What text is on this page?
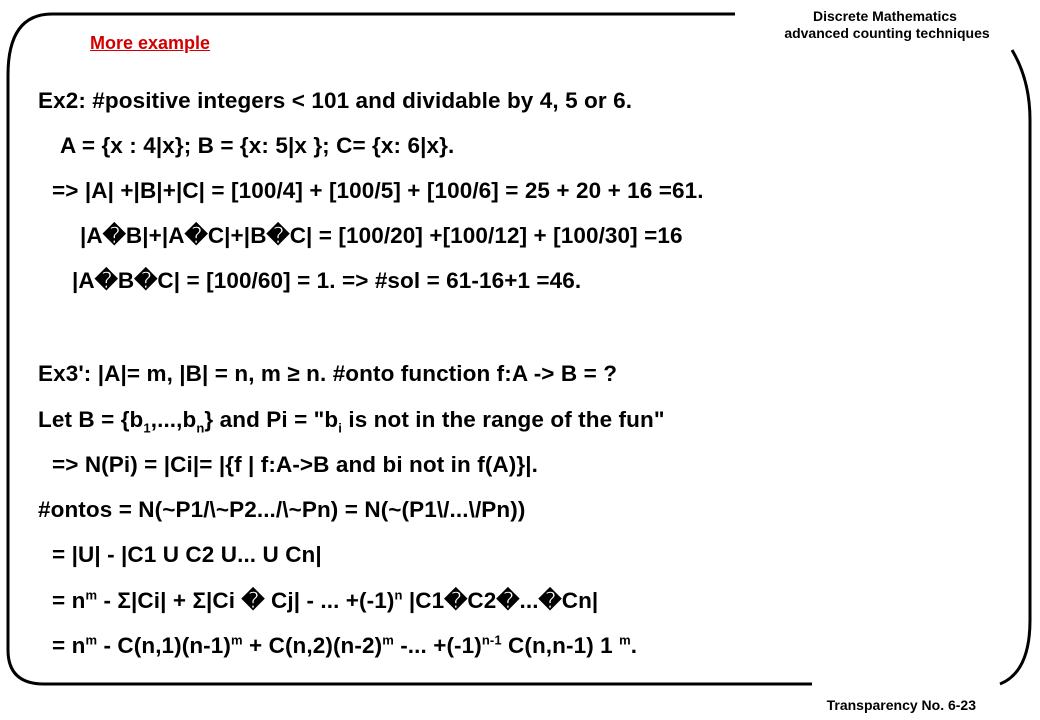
Discrete Mathematics
advanced counting techniques
More example
Ex2: #positive integers < 101 and dividable by 4, 5 or 6.
A = {x : 4|x}; B = {x: 5|x }; C= {x: 6|x}.
=> |A| +|B|+|C| = [100/4] + [100/5] + [100/6] = 25 + 20 + 16 =61.
|A�B|+|A�C|+|B�C| = [100/20] +[100/12] + [100/30] =16
|A�B�C| = [100/60] = 1. => #sol = 61-16+1 =46.
Ex3': |A|= m, |B| = n, m ≥ n. #onto function f:A -> B = ?
Let $B = \{b_1,...,b_n\}$ and $Pi = "b_i$ is not in the range of the fun"
=> N(Pi) = |Ci|= |{f | f:A->B and bi not in f(A)}|.
#ontos = N(~P1/\~P2.../\~Pn) = N(~(P1\/...\/Pn))
= |U| - |C1 U C2 U... U Cn|
= $n^m - \Sigma|Ci| + \Sigma|Ci$ � Cj| - ... $+(-1)^n$ |C1�C2�...�Cn|
= $n^m - C(n,1)(n-1)^m + C(n,2)(n-2)^m$ -... $+(-1)^{n-1}$ C(n,n-1) 1 $^m$.
Transparency No. 6-23
